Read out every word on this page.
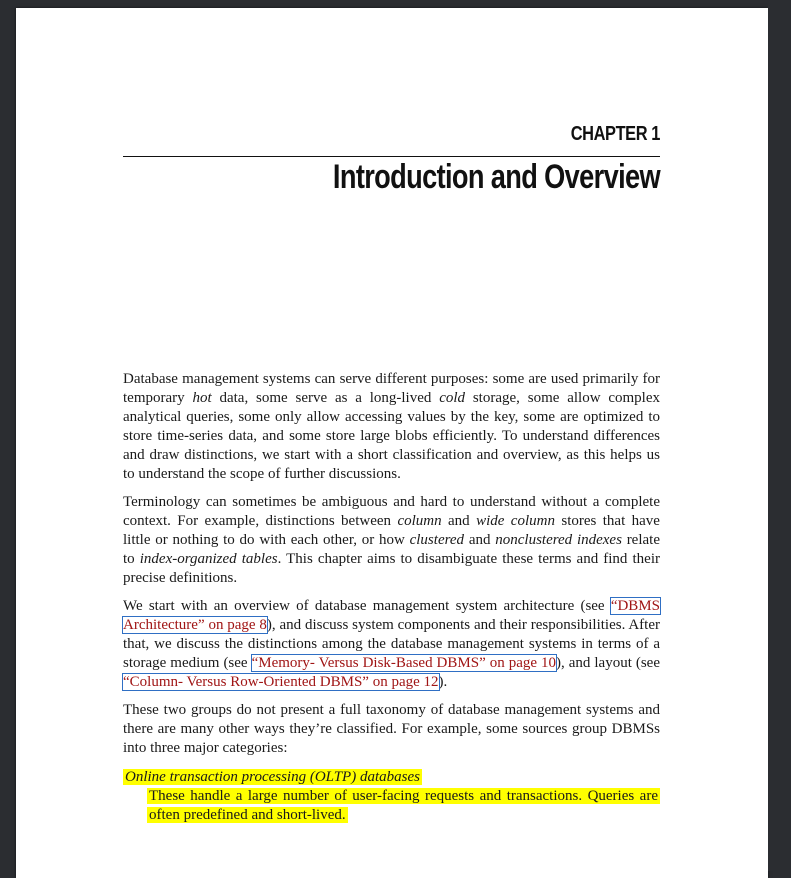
CHAPTER 1
Introduction and Overview

Database management systems can serve different purposes: some are used primarily for temporary hot data, some serve as a long-lived cold storage, some allow complex analytical queries, some only allow accessing values by the key, some are optimized to store time-series data, and some store large blobs efficiently. To understand differences and draw distinctions, we start with a short classification and overview, as this helps us to understand the scope of further discussions.

Terminology can sometimes be ambiguous and hard to understand without a complete context. For example, distinctions between column and wide column stores that have little or nothing to do with each other, or how clustered and nonclustered indexes relate to index-organized tables. This chapter aims to disambiguate these terms and find their precise definitions.

We start with an overview of database management system architecture (see “DBMS Architecture” on page 8), and discuss system components and their responsibilities. After that, we discuss the distinctions among the database management systems in terms of a storage medium (see “Memory- Versus Disk-Based DBMS” on page 10), and layout (see “Column- Versus Row-Oriented DBMS” on page 12).

These two groups do not present a full taxonomy of database management systems and there are many other ways they’re classified. For example, some sources group DBMSs into three major categories:

Online transaction processing (OLTP) databases
These handle a large number of user-facing requests and transactions. Queries are often predefined and short-lived.
